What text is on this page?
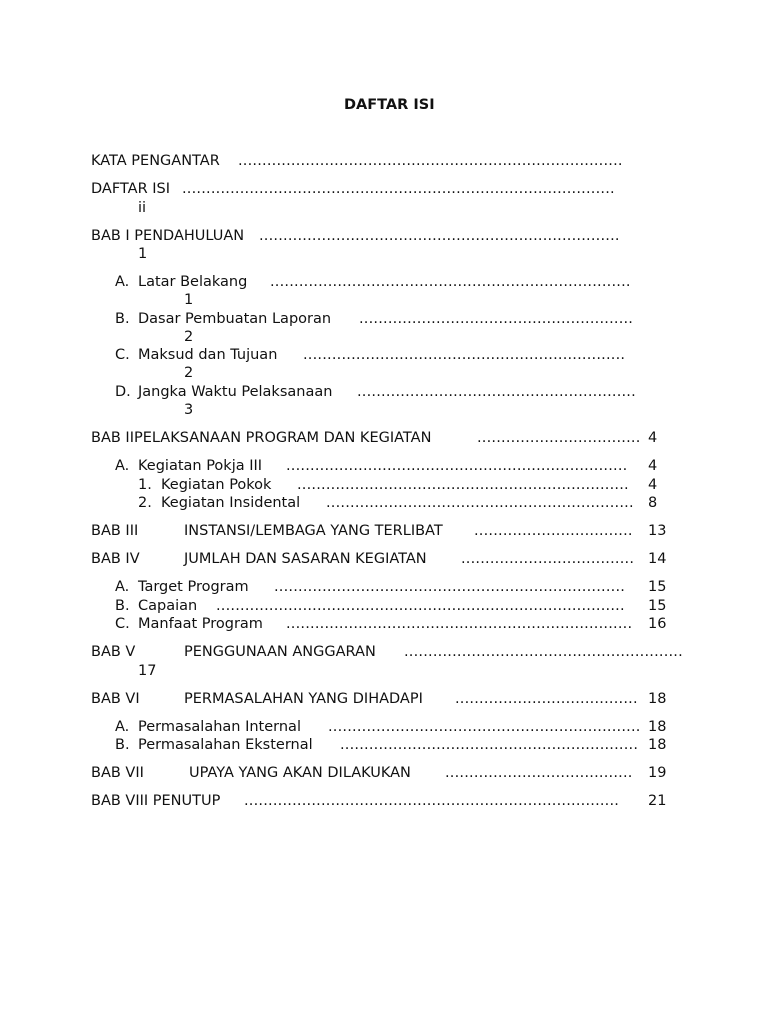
DAFTAR ISI
KATA PENGANTAR ................................................................................
DAFTAR ISI ..........................................................................................
ii
BAB I PENDAHULUAN ...........................................................................
1
A. Latar Belakang ...........................................................................
1
B. Dasar Pembuatan Laporan .........................................................
2
C. Maksud dan Tujuan ...................................................................
2
D. Jangka Waktu Pelaksanaan ..........................................................
3
BAB IIPELAKSANAAN PROGRAM DAN KEGIATAN	.................................. 4
A. Kegiatan Pokja III ....................................................................... 4
1. Kegiatan Pokok ..................................................................... 4
2. Kegiatan Insidental ................................................................ 8
BAB III	INSTANSI/LEMBAGA YANG TERLIBAT ................................. 13
BAB IV	JUMLAH DAN SASARAN KEGIATAN .................................... 14
A. Target Program ......................................................................... 15
B. Capaian ..................................................................................... 15
C. Manfaat Program ........................................................................ 16
BAB V	PENGGUNAAN ANGGARAN ..........................................................
17
BAB VI	PERMASALAHAN YANG DIHADAPI ...................................... 18
A. Permasalahan Internal ................................................................. 18
B. Permasalahan Eksternal .............................................................. 18
BAB VII	UPAYA YANG AKAN DILAKUKAN ....................................... 19
BAB VIII PENUTUP .............................................................................. 21
